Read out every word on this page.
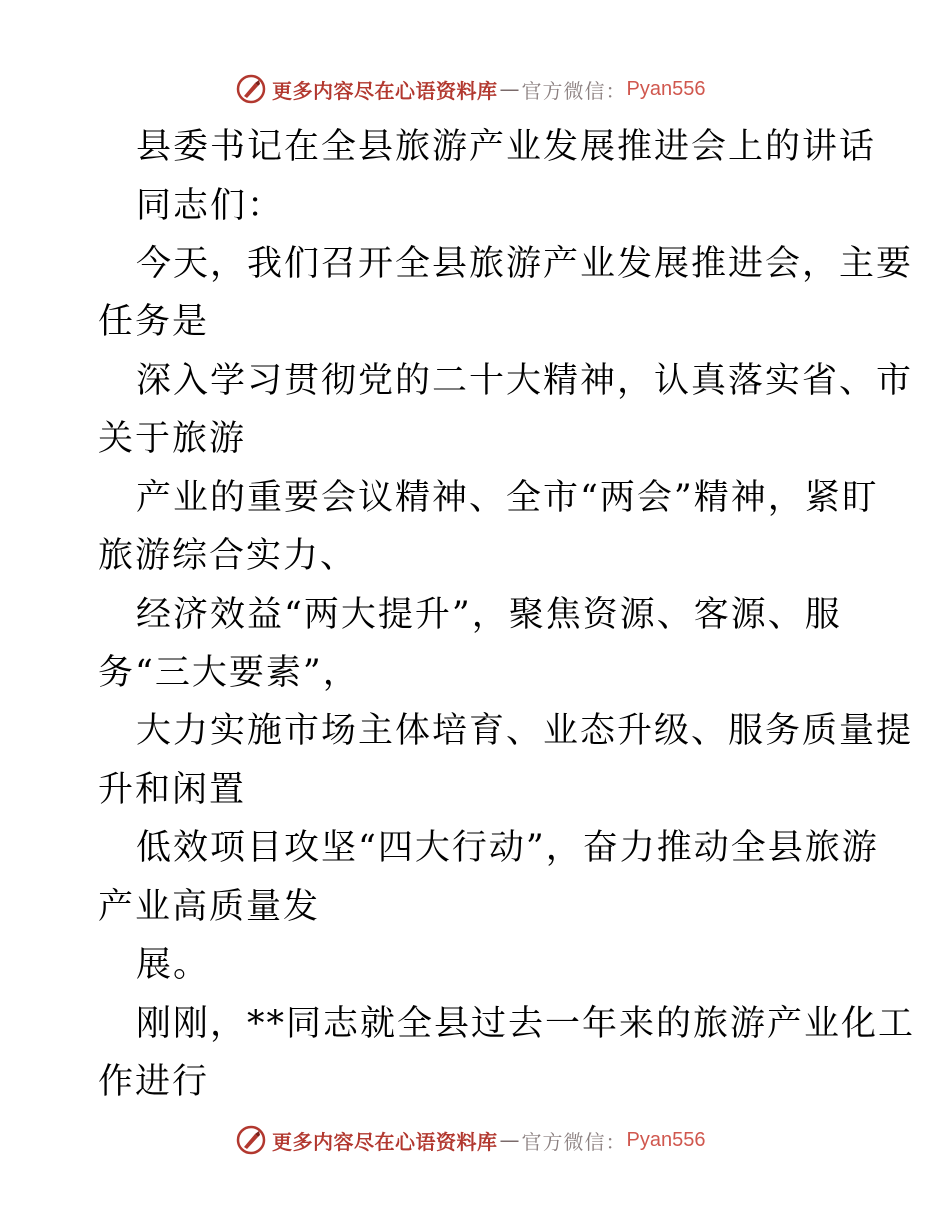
更多内容尽在心语资料库 — 官方微信： Pyan556
县委书记在全县旅游产业发展推进会上的讲话
同志们：
今天，我们召开全县旅游产业发展推进会，主要
任务是
深入学习贯彻党的二十大精神，认真落实省、市
关于旅游
产业的重要会议精神、全市“两会”精神，紧盯
旅游综合实力、
经济效益“两大提升”，聚焦资源、客源、服
务“三大要素”，
大力实施市场主体培育、业态升级、服务质量提
升和闲置
低效项目攻坚“四大行动”，奋力推动全县旅游
产业高质量发
展。
刚刚，**同志就全县过去一年来的旅游产业化工
作进行
更多内容尽在心语资料库 — 官方微信： Pyan556
